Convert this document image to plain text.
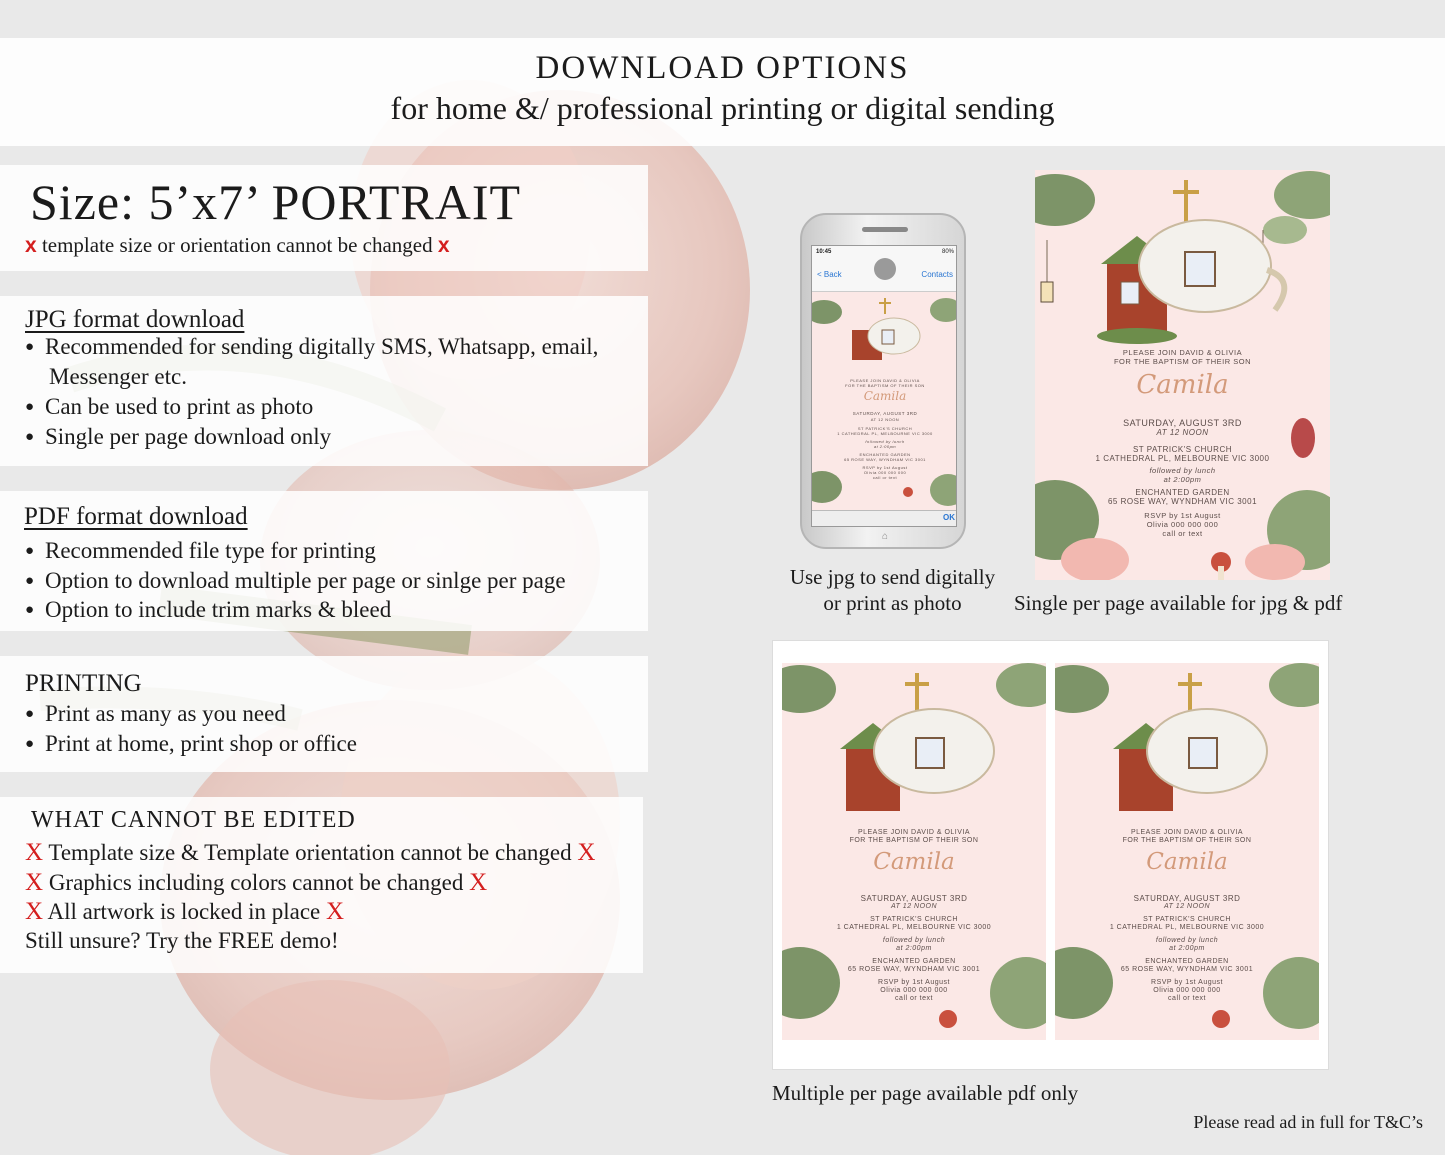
DOWNLOAD OPTIONS
for home &/ professional printing or digital sending
Size: 5’x7’ PORTRAIT
x template size or orientation cannot be changed x
JPG format download
● Recommended for sending digitally SMS, Whatsapp, email,
Messenger etc.
● Can be used to print as photo
● Single per page download only
PDF format download
● Recommended file type for printing
● Option to download multiple per page or sinlge per page
● Option to include trim marks & bleed
PRINTING
● Print as many as you need
● Print at home, print shop or office
WHAT CANNOT BE EDITED
X Template size & Template orientation cannot be changed X
X Graphics including colors cannot be changed X
X All artwork is locked in place X
Still unsure? Try the FREE demo!
10:45	80%
< Back	Contacts
PLEASE JOIN DAVID & OLIVIA
FOR THE BAPTISM OF THEIR SON
Camila
SATURDAY, AUGUST 3RD
AT 12 NOON
ST PATRICK'S CHURCH
1 CATHEDRAL PL, MELBOURNE VIC 3000
followed by lunch
at 2:00pm
ENCHANTED GARDEN
65 ROSE WAY, WYNDHAM VIC 3001
RSVP by 1st August
Olivia 000 000 000
call or text
OK
⌂
Use jpg to send digitally
or print as photo
PLEASE JOIN DAVID & OLIVIA
FOR THE BAPTISM OF THEIR SON
Camila
SATURDAY, AUGUST 3RD
AT 12 NOON
ST PATRICK'S CHURCH
1 CATHEDRAL PL, MELBOURNE VIC 3000
followed by lunch
at 2:00pm
ENCHANTED GARDEN
65 ROSE WAY, WYNDHAM VIC 3001
RSVP by 1st August
Olivia 000 000 000
call or text
Single per page available for jpg & pdf
PLEASE JOIN DAVID & OLIVIA
FOR THE BAPTISM OF THEIR SON
Camila
SATURDAY, AUGUST 3RD
AT 12 NOON
ST PATRICK'S CHURCH
1 CATHEDRAL PL, MELBOURNE VIC 3000
followed by lunch
at 2:00pm
ENCHANTED GARDEN
65 ROSE WAY, WYNDHAM VIC 3001
RSVP by 1st August
Olivia 000 000 000
call or text
PLEASE JOIN DAVID & OLIVIA
FOR THE BAPTISM OF THEIR SON
Camila
SATURDAY, AUGUST 3RD
AT 12 NOON
ST PATRICK'S CHURCH
1 CATHEDRAL PL, MELBOURNE VIC 3000
followed by lunch
at 2:00pm
ENCHANTED GARDEN
65 ROSE WAY, WYNDHAM VIC 3001
RSVP by 1st August
Olivia 000 000 000
call or text
Multiple per page available pdf only
Please read ad in full for T&C’s
